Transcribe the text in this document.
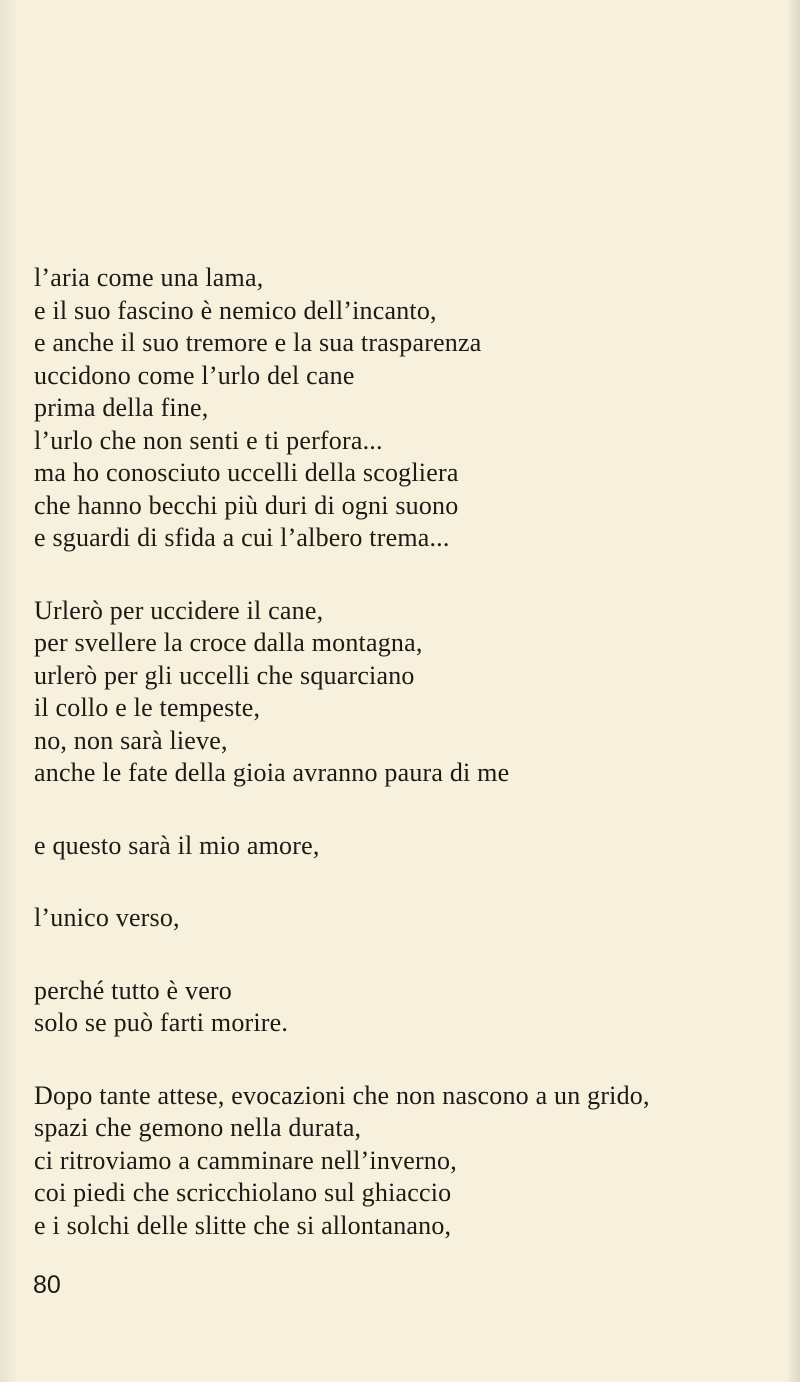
l’aria come una lama,
e il suo fascino è nemico dell’incanto,
e anche il suo tremore e la sua trasparenza
uccidono come l’urlo del cane
prima della fine,
l’urlo che non senti e ti perfora...
ma ho conosciuto uccelli della scogliera
che hanno becchi più duri di ogni suono
e sguardi di sfida a cui l’albero trema...
Urlerò per uccidere il cane,
per svellere la croce dalla montagna,
urlerò per gli uccelli che squarciano
il collo e le tempeste,
no, non sarà lieve,
anche le fate della gioia avranno paura di me
e questo sarà il mio amore,
l’unico verso,
perché tutto è vero
solo se può farti morire.
Dopo tante attese, evocazioni che non nascono a un grido,
spazi che gemono nella durata,
ci ritroviamo a camminare nell’inverno,
coi piedi che scricchiolano sul ghiaccio
e i solchi delle slitte che si allontanano,
80
